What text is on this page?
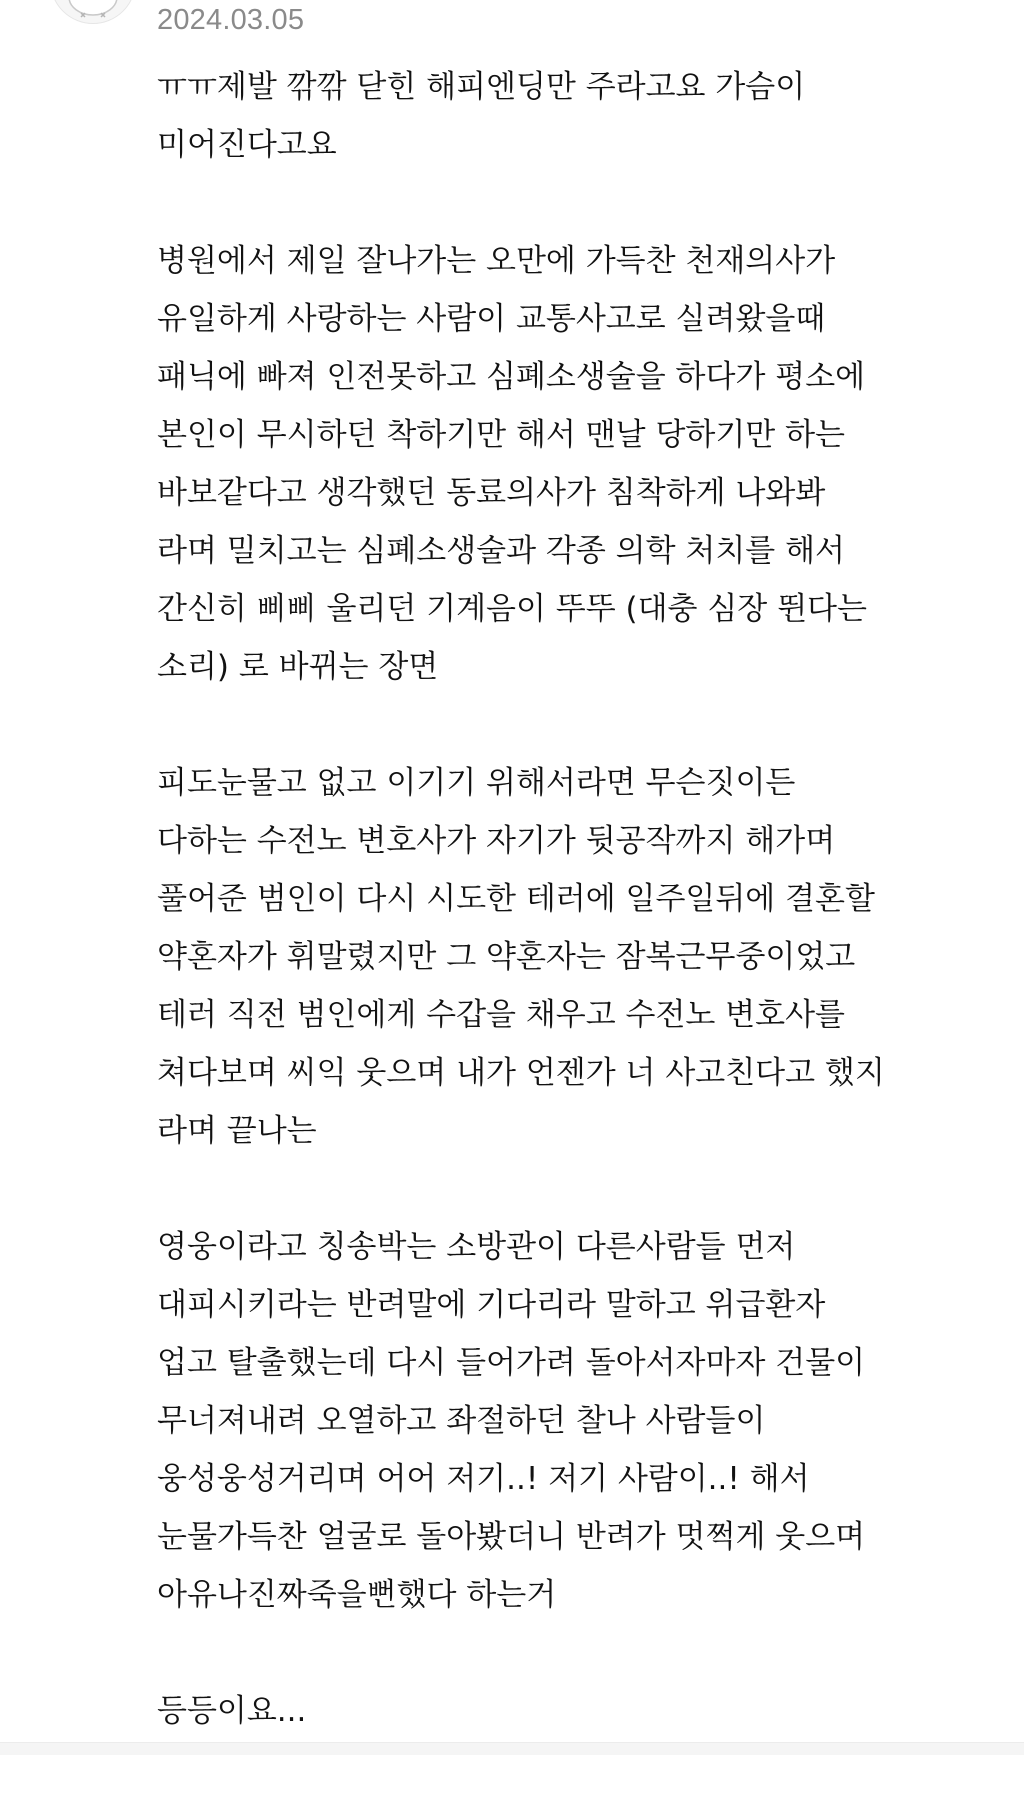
2024.03.05
ㅠㅠ제발 깎깎 닫힌 해피엔딩만 주라고요 가슴이
미어진다고요
병원에서 제일 잘나가는 오만에 가득찬 천재의사가
유일하게 사랑하는 사람이 교통사고로 실려왔을때
패닉에 빠져 인전못하고 심폐소생술을 하다가 평소에
본인이 무시하던 착하기만 해서 맨날 당하기만 하는
바보같다고 생각했던 동료의사가 침착하게 나와봐
라며 밀치고는 심폐소생술과 각종 의학 처치를 해서
간신히 삐삐 울리던 기계음이 뚜뚜 (대충 심장 뛴다는
소리) 로 바뀌는 장면
피도눈물고 없고 이기기 위해서라면 무슨짓이든
다하는 수전노 변호사가 자기가 뒷공작까지 해가며
풀어준 범인이 다시 시도한 테러에 일주일뒤에 결혼할
약혼자가 휘말렸지만 그 약혼자는 잠복근무중이었고
테러 직전 범인에게 수갑을 채우고 수전노 변호사를
쳐다보며 씨익 웃으며 내가 언젠가 너 사고친다고 했지
라며 끝나는
영웅이라고 칭송박는 소방관이 다른사람들 먼저
대피시키라는 반려말에 기다리라 말하고 위급환자
업고 탈출했는데 다시 들어가려 돌아서자마자 건물이
무너져내려 오열하고 좌절하던 찰나 사람들이
웅성웅성거리며 어어 저기..! 저기 사람이..! 해서
눈물가득찬 얼굴로 돌아봤더니 반려가 멋쩍게 웃으며
아유나진짜죽을뻔했다 하는거
등등이요...
